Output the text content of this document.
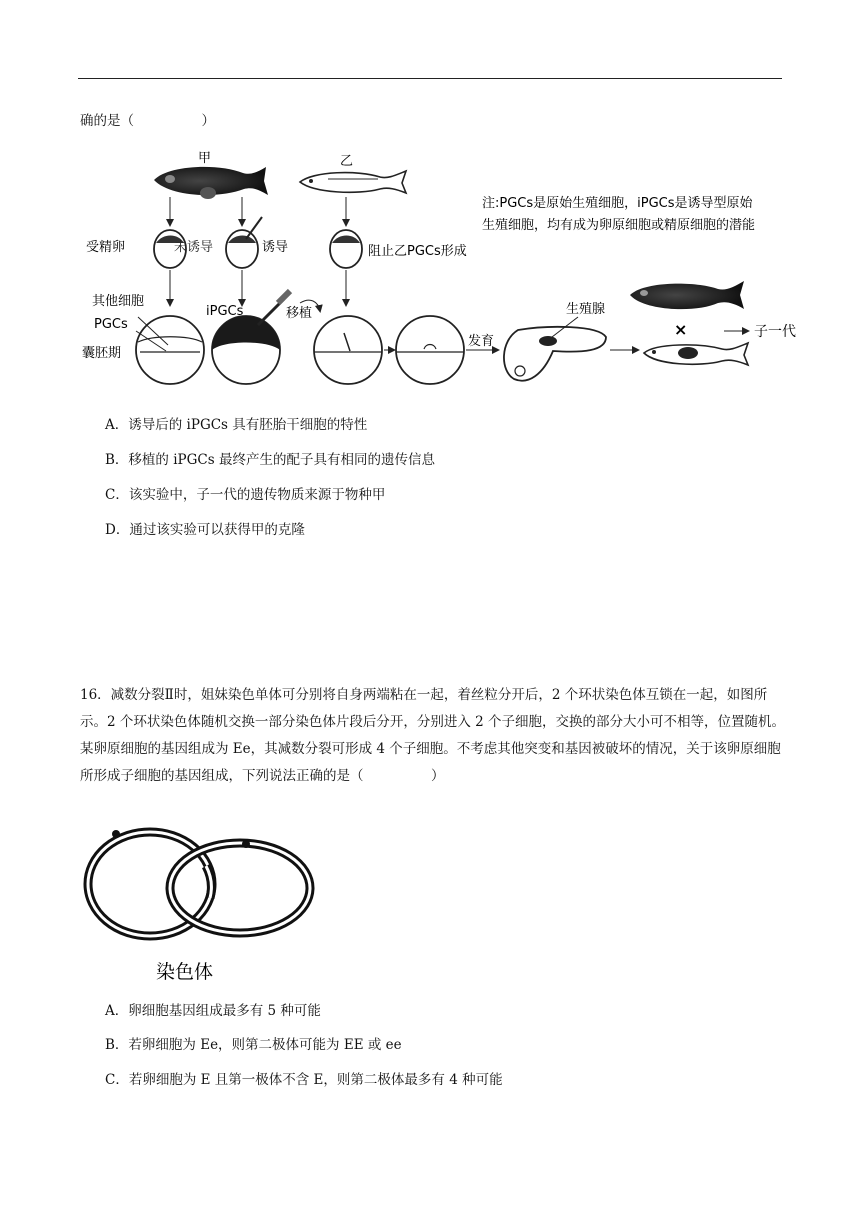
确的是（　　　　　）
甲	乙
注:PGCs是原始生殖细胞，iPGCs是诱导型原始
生殖细胞，均有成为卵原细胞或精原细胞的潜能
受精卵	未诱导	诱导	阻止乙PGCs形成
其他细胞
PGCs
囊胚期
iPGCs	移植
发育
生殖腺
×	子一代
A．诱导后的 iPGCs 具有胚胎干细胞的特性
B．移植的 iPGCs 最终产生的配子具有相同的遗传信息
C．该实验中，子一代的遗传物质来源于物种甲
D．通过该实验可以获得甲的克隆
16．减数分裂Ⅱ时，姐妹染色单体可分别将自身两端粘在一起，着丝粒分开后，2 个环状染色体互锁在一起，如图所示。2 个环状染色体随机交换一部分染色体片段后分开，分别进入 2 个子细胞，交换的部分大小可不相等，位置随机。某卵原细胞的基因组成为 Ee，其减数分裂可形成 4 个子细胞。不考虑其他突变和基因被破坏的情况，关于该卵原细胞所形成子细胞的基因组成，下列说法正确的是（　　　　　）
染色体
A．卵细胞基因组成最多有 5 种可能
B．若卵细胞为 Ee，则第二极体可能为 EE 或 ee
C．若卵细胞为 E 且第一极体不含 E，则第二极体最多有 4 种可能
